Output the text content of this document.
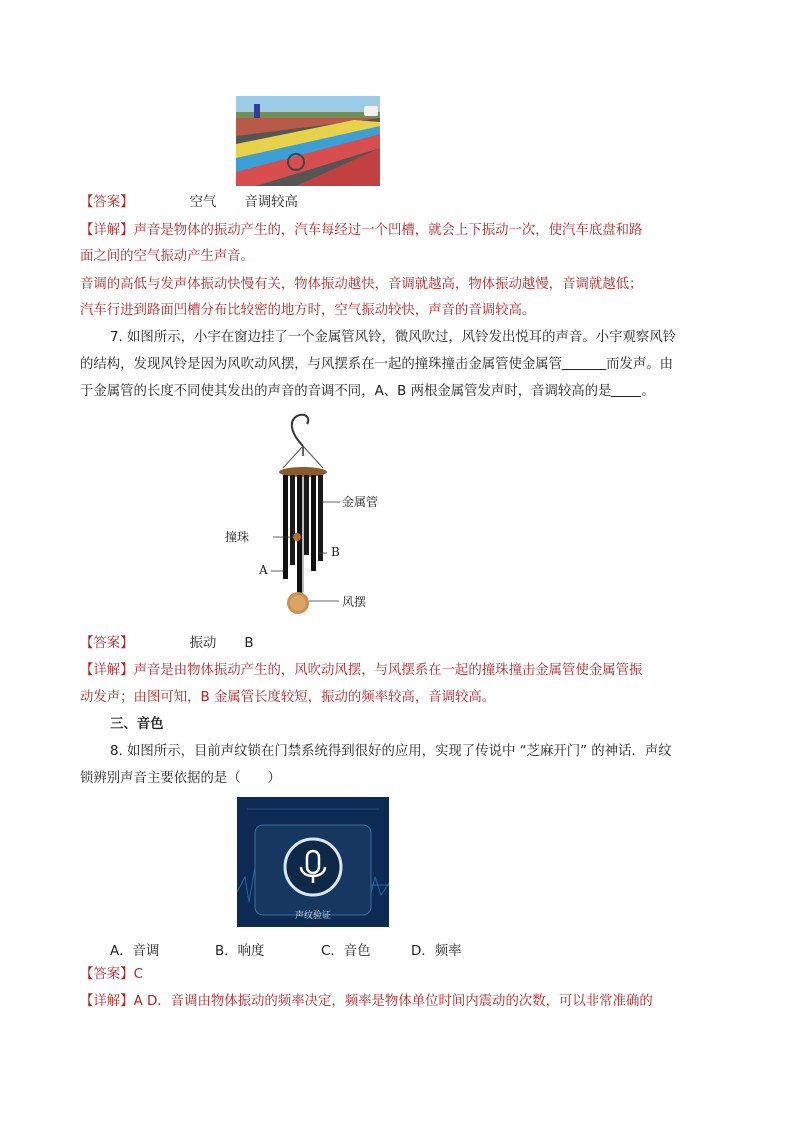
【答案】	空气 音调较高
【详解】声音是物体的振动产生的，汽车每经过一个凹槽，就会上下振动一次，使汽车底盘和路
面之间的空气振动产生声音。
音调的高低与发声体振动快慢有关，物体振动越快，音调就越高，物体振动越慢，音调就越低；
汽车行进到路面凹槽分布比较密的地方时，空气振动较快，声音的音调较高。
7. 如图所示，小宇在窗边挂了一个金属管风铃，微风吹过，风铃发出悦耳的声音。小宇观察风铃
的结构，发现风铃是因为风吹动风摆，与风摆系在一起的撞珠撞击金属管使金属管	而发声。由
于金属管的长度不同使其发出的声音的音调不同，A、B 两根金属管发声时，音调较高的是 。
金属管
撞珠
B
A
风摆
【答案】	振动 B
【详解】声音是由物体振动产生的，风吹动风摆，与风摆系在一起的撞珠撞击金属管使金属管振
动发声；由图可知，B 金属管长度较短，振动的频率较高，音调较高。
三、音色
8. 如图所示，目前声纹锁在门禁系统得到很好的应用，实现了传说中 “芝麻开门” 的神话．声纹
锁辨别声音主要依据的是（　　）
声纹验证
A．音调	B．响度	C．音色	D．频率
【答案】C
【详解】A D．音调由物体振动的频率决定，频率是物体单位时间内震动的次数，可以非常准确的
